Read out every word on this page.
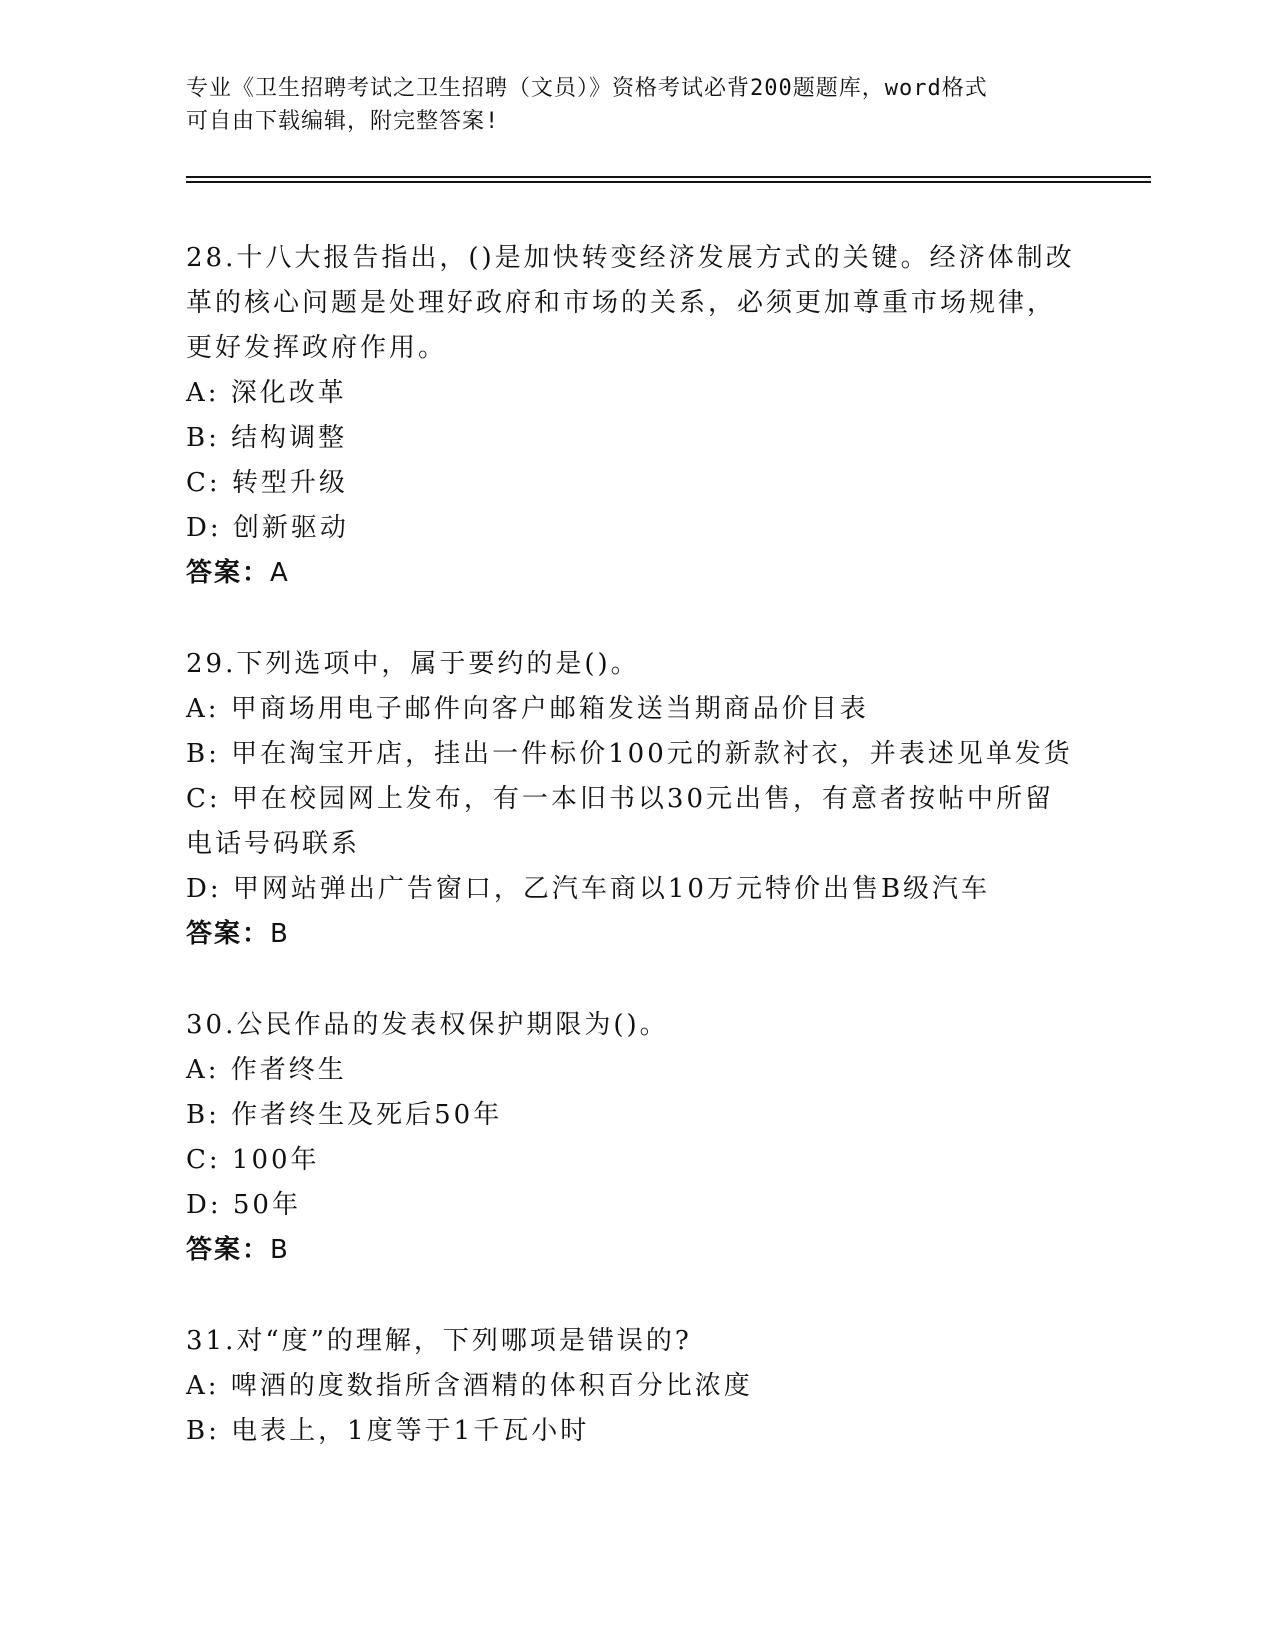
专业《卫生招聘考试之卫生招聘（文员）》资格考试必背200题题库，word格式
可自由下载编辑，附完整答案!
28.十八大报告指出，()是加快转变经济发展方式的关键。经济体制改
革的核心问题是处理好政府和市场的关系，必须更加尊重市场规律，
更好发挥政府作用。
A: 深化改革
B: 结构调整
C: 转型升级
D: 创新驱动
答案：A
29.下列选项中，属于要约的是()。
A: 甲商场用电子邮件向客户邮箱发送当期商品价目表
B: 甲在淘宝开店，挂出一件标价100元的新款衬衣，并表述见单发货
C: 甲在校园网上发布，有一本旧书以30元出售，有意者按帖中所留
电话号码联系
D: 甲网站弹出广告窗口，乙汽车商以10万元特价出售B级汽车
答案：B
30.公民作品的发表权保护期限为()。
A: 作者终生
B: 作者终生及死后50年
C: 100年
D: 50年
答案：B
31.对“度”的理解，下列哪项是错误的?
A: 啤酒的度数指所含酒精的体积百分比浓度
B: 电表上，1度等于1千瓦小时
